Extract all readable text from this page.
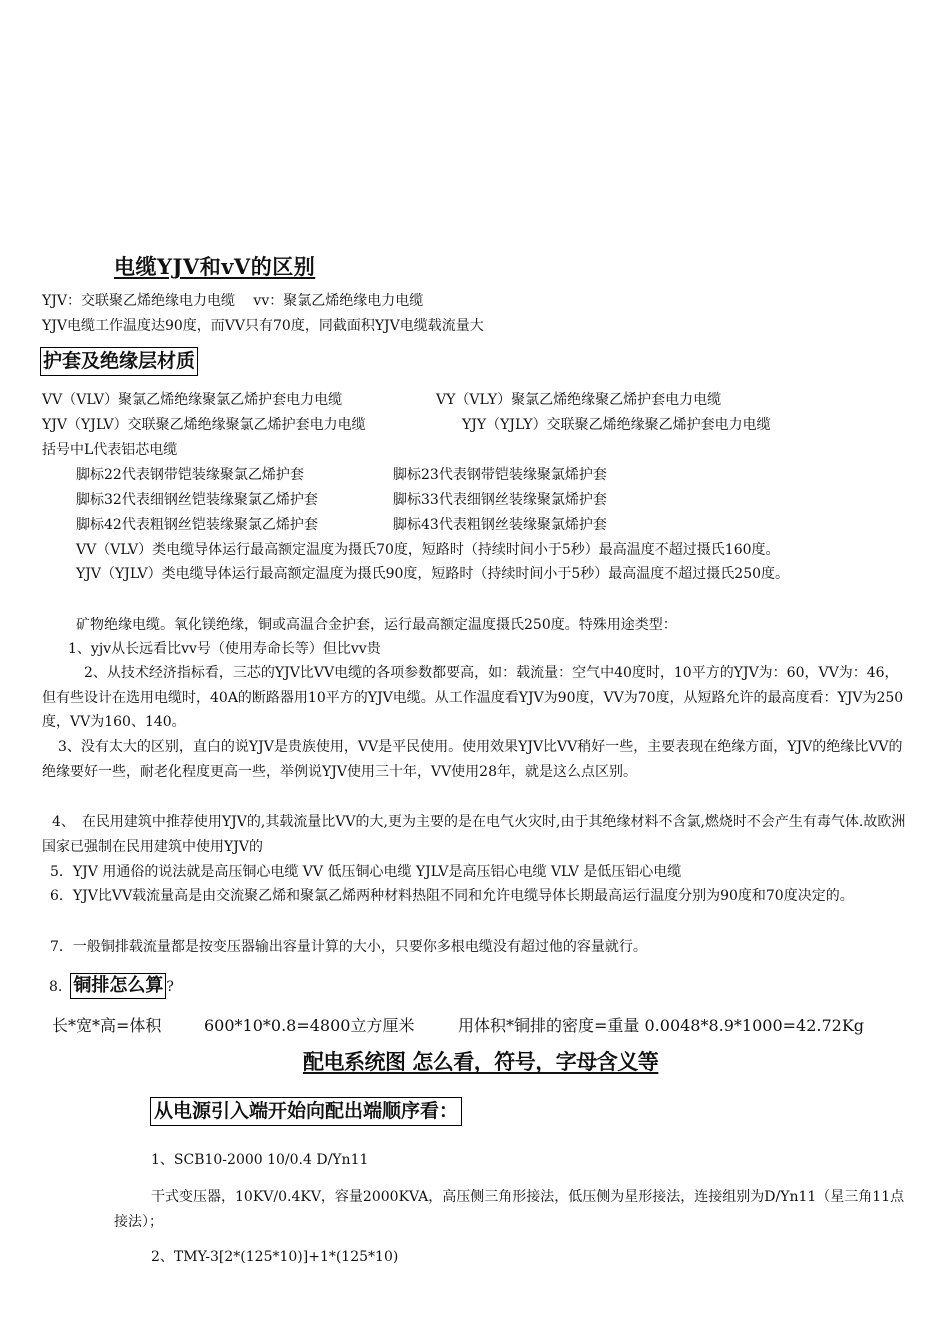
电缆YJV和vV的区别
YJV：交联聚乙烯绝缘电力电缆 vv：聚氯乙烯绝缘电力电缆
YJV电缆工作温度达90度，而VV只有70度，同截面积YJV电缆载流量大
护套及绝缘层材质
VV（VLV）聚氯乙烯绝缘聚氯乙烯护套电力电缆	VY（VLY）聚氯乙烯绝缘聚乙烯护套电力电缆
YJV（YJLV）交联聚乙烯绝缘聚氯乙烯护套电力电缆	YJY（YJLY）交联聚乙烯绝缘聚乙烯护套电力电缆
括号中L代表铝芯电缆
脚标22代表钢带铠装缘聚氯乙烯护套	脚标23代表钢带铠装缘聚氯烯护套
脚标32代表细钢丝铠装缘聚氯乙烯护套	脚标33代表细钢丝装缘聚氯烯护套
脚标42代表粗钢丝铠装缘聚氯乙烯护套	脚标43代表粗钢丝装缘聚氯烯护套
VV（VLV）类电缆导体运行最高额定温度为摄氏70度，短路时（持续时间小于5秒）最高温度不超过摄氏160度。
YJV（YJLV）类电缆导体运行最高额定温度为摄氏90度，短路时（持续时间小于5秒）最高温度不超过摄氏250度。
矿物绝缘电缆。氧化镁绝缘，铜或高温合金护套，运行最高额定温度摄氏250度。特殊用途类型：
1、yjv从长远看比vv号（使用寿命长等）但比vv贵
2、从技术经济指标看，三芯的YJV比VV电缆的各项参数都要高，如：载流量：空气中40度时，10平方的YJV为：60，VV为：46，但有些设计在选用电缆时，40A的断路器用10平方的YJV电缆。从工作温度看YJV为90度，VV为70度，从短路允许的最高度看：YJV为250度，VV为160、140。
3、没有太大的区别，直白的说YJV是贵族使用，VV是平民使用。使用效果YJV比VV稍好一些，主要表现在绝缘方面，YJV的绝缘比VV的绝缘要好一些，耐老化程度更高一些，举例说YJV使用三十年，VV使用28年，就是这么点区别。
4、　在民用建筑中推荐使用YJV的,其载流量比VV的大,更为主要的是在电气火灾时,由于其绝缘材料不含氯,燃烧时不会产生有毒气体.故欧洲国家已强制在民用建筑中使用YJV的
5．YJV 用通俗的说法就是高压铜心电缆 VV 低压铜心电缆 YJLV是高压铝心电缆 VLV 是低压铝心电缆
6．YJV比VV载流量高是由交流聚乙烯和聚氯乙烯两种材料热阻不同和允许电缆导体长期最高运行温度分别为90度和70度决定的。
7．一般铜排载流量都是按变压器输出容量计算的大小，只要你多根电缆没有超过他的容量就行。
8. 铜排怎么算 ?
长*宽*高=体积	600*10*0.8=4800立方厘米	用体积*铜排的密度=重量 0.0048*8.9*1000=42.72Kg
配电系统图 怎么看，符号，字母含义等
从电源引入端开始向配出端顺序看：
1、SCB10-2000 10/0.4 D/Yn11
干式变压器，10KV/0.4KV，容量2000KVA，高压侧三角形接法，低压侧为星形接法，连接组别为D/Yn11（星三角11点接法）；
2、TMY-3[2*(125*10)]+1*(125*10)
